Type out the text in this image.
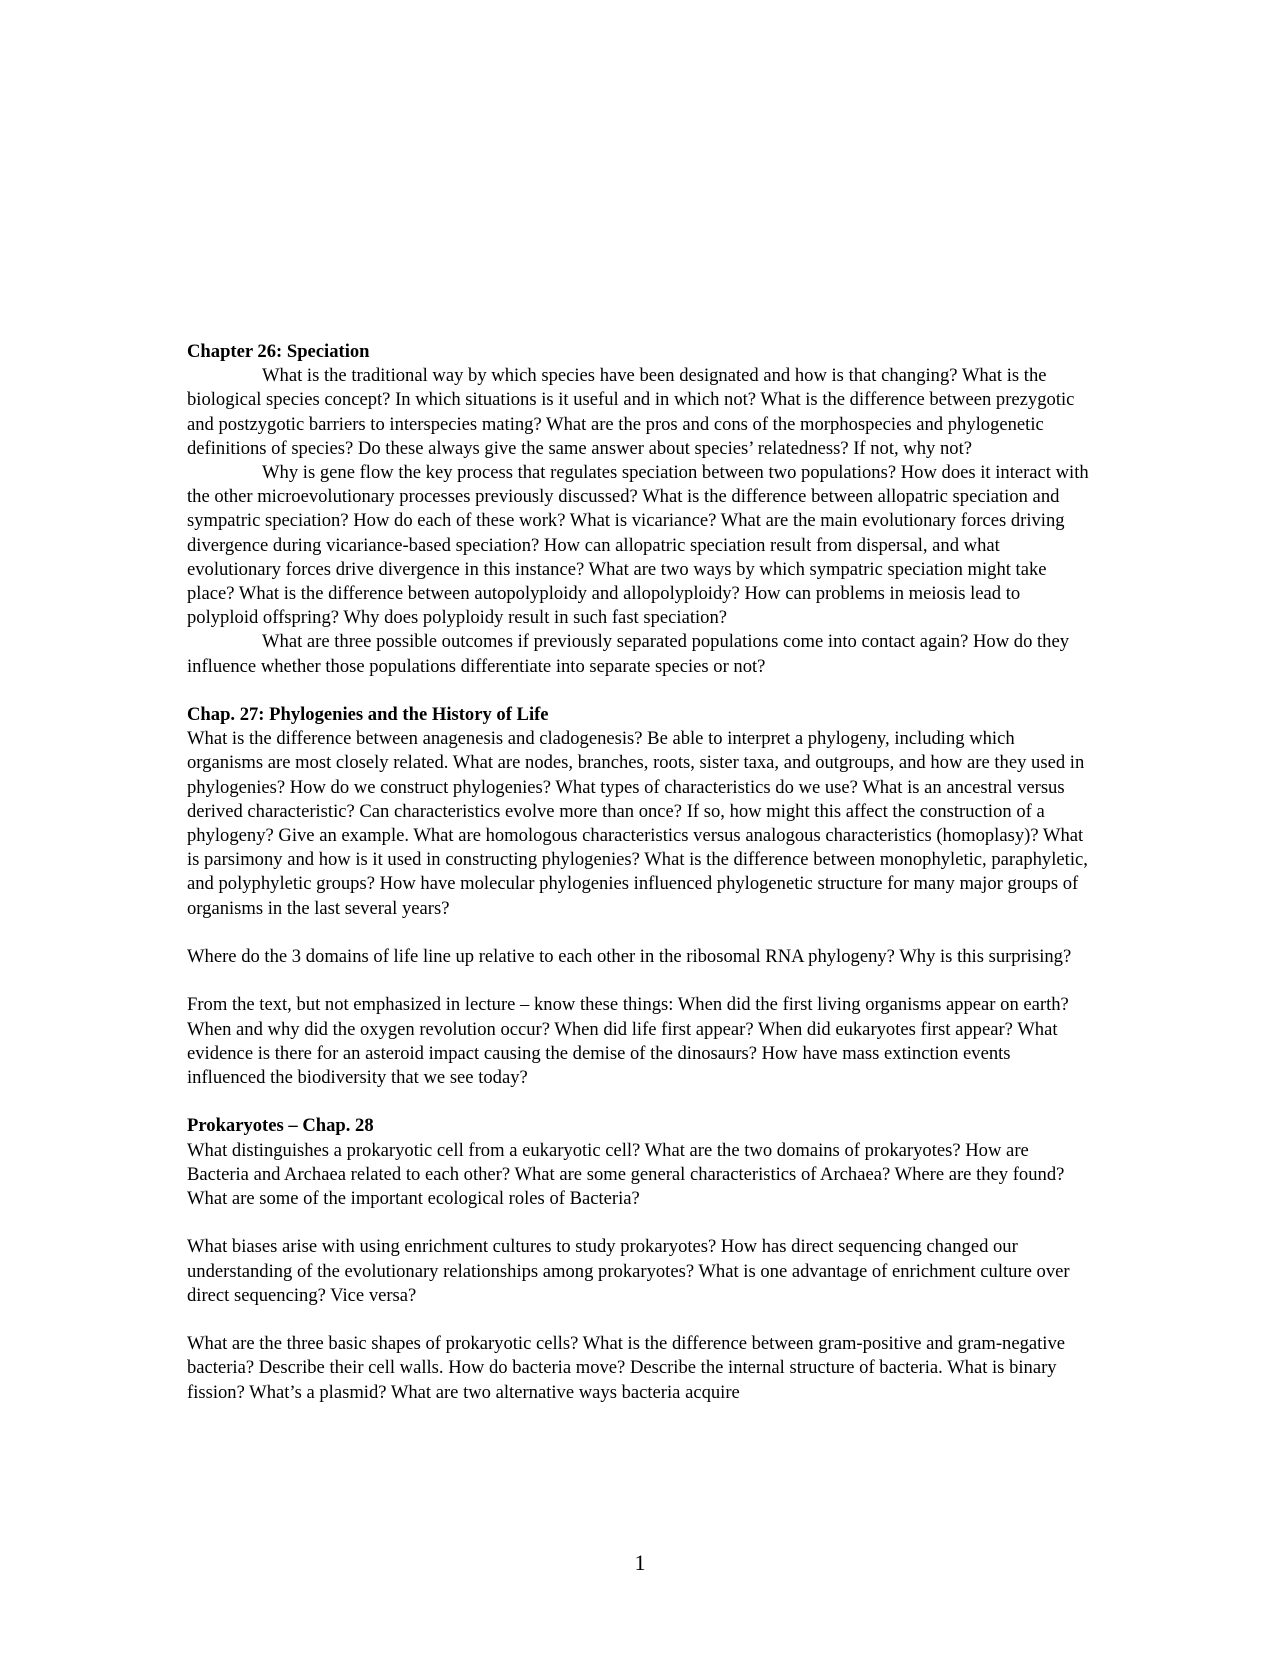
Chapter 26: Speciation

What is the traditional way by which species have been designated and how is that changing? What is the biological species concept? In which situations is it useful and in which not? What is the difference between prezygotic and postzygotic barriers to interspecies mating? What are the pros and cons of the morphospecies and phylogenetic definitions of species? Do these always give the same answer about species’ relatedness? If not, why not?

Why is gene flow the key process that regulates speciation between two populations? How does it interact with the other microevolutionary processes previously discussed? What is the difference between allopatric speciation and sympatric speciation? How do each of these work? What is vicariance? What are the main evolutionary forces driving divergence during vicariance-based speciation? How can allopatric speciation result from dispersal, and what evolutionary forces drive divergence in this instance? What are two ways by which sympatric speciation might take place? What is the difference between autopolyploidy and allopolyploidy? How can problems in meiosis lead to polyploid offspring? Why does polyploidy result in such fast speciation?

What are three possible outcomes if previously separated populations come into contact again? How do they influence whether those populations differentiate into separate species or not?

Chap. 27: Phylogenies and the History of Life

What is the difference between anagenesis and cladogenesis? Be able to interpret a phylogeny, including which organisms are most closely related. What are nodes, branches, roots, sister taxa, and outgroups, and how are they used in phylogenies? How do we construct phylogenies? What types of characteristics do we use? What is an ancestral versus derived characteristic? Can characteristics evolve more than once? If so, how might this affect the construction of a phylogeny? Give an example. What are homologous characteristics versus analogous characteristics (homoplasy)? What is parsimony and how is it used in constructing phylogenies? What is the difference between monophyletic, paraphyletic, and polyphyletic groups? How have molecular phylogenies influenced phylogenetic structure for many major groups of organisms in the last several years?

Where do the 3 domains of life line up relative to each other in the ribosomal RNA phylogeny? Why is this surprising?

From the text, but not emphasized in lecture – know these things: When did the first living organisms appear on earth? When and why did the oxygen revolution occur? When did life first appear? When did eukaryotes first appear? What evidence is there for an asteroid impact causing the demise of the dinosaurs? How have mass extinction events influenced the biodiversity that we see today?

Prokaryotes – Chap. 28

What distinguishes a prokaryotic cell from a eukaryotic cell? What are the two domains of prokaryotes? How are Bacteria and Archaea related to each other? What are some general characteristics of Archaea? Where are they found? What are some of the important ecological roles of Bacteria?

What biases arise with using enrichment cultures to study prokaryotes? How has direct sequencing changed our understanding of the evolutionary relationships among prokaryotes? What is one advantage of enrichment culture over direct sequencing? Vice versa?

What are the three basic shapes of prokaryotic cells? What is the difference between gram-positive and gram-negative bacteria? Describe their cell walls. How do bacteria move? Describe the internal structure of bacteria. What is binary fission? What’s a plasmid? What are two alternative ways bacteria acquire

1
